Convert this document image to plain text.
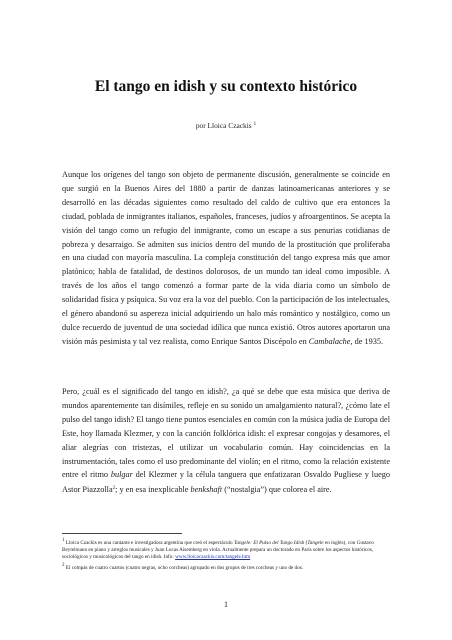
El tango en idish y su contexto histórico
por Lloica Czackis $^1$

Aunque los orígenes del tango son objeto de permanente discusión, generalmente se coincide en que surgió en la Buenos Aires del 1880 a partir de danzas latinoamericanas anteriores y se desarrolló en las décadas siguientes como resultado del caldo de cultivo que era entonces la ciudad, poblada de inmigrantes italianos, españoles, franceses, judíos y afroargentinos. Se acepta la visión del tango como un refugio del inmigrante, como un escape a sus penurias cotidianas de pobreza y desarraigo. Se admiten sus inicios dentro del mundo de la prostitución que proliferaba en una ciudad con mayoría masculina. La compleja constitución del tango expresa más que amor platónico; habla de fatalidad, de destinos dolorosos, de un mundo tan ideal como imposible. A través de los años el tango comenzó a formar parte de la vida diaria como un símbolo de solidaridad física y psíquica. Su voz era la voz del pueblo. Con la participación de los intelectuales, el género abandonó su aspereza inicial adquiriendo un halo más romántico y nostálgico, como un dulce recuerdo de juventud de una sociedad idílica que nunca existió. Otros autores aportaron una visión más pesimista y tal vez realista, como Enrique Santos Discépolo en Cambalache, de 1935.

Pero, ¿cuál es el significado del tango en idish?, ¿a qué se debe que esta música que deriva de mundos aparentemente tan disímiles, refleje en su sonido un amalgamiento natural?, ¿cómo late el pulso del tango idish? El tango tiene puntos esenciales en común con la música judía de Europa del Este, hoy llamada Klezmer, y con la canción folklórica idish: el expresar congojas y desamores, el aliar alegrías con tristezas, el utilizar un vocabulario común. Hay coincidencias en la instrumentación, tales como el uso predominante del violín; en el ritmo, como la relación existente entre el ritmo bulgar del Klezmer y la célula tanguera que enfatizaran Osvaldo Pugliese y luego Astor Piazzolla$^2$; y en esa inexplicable benkshaft (“nostalgia”) que colorea el aire.

$^1$ Lloica Czackis es una cantante e investigadora argentina que creó el espectáculo Tangele: El Pulso del Tango Idish (Tangele en inglés), con Gustavo Beytelmann en piano y arreglos musicales y Juan Lucas Aisemberg en viola. Actualmente prepara un doctorado en París sobre los aspectos históricos, sociológicos y musicológicos del tango en idish. Info: www.lloicaczackis.com/tangele.htm

$^2$ El compás de cuatro cuartos (cuatro negras, ocho corcheas) agrupado en dos grupos de tres corcheas y uno de dos.

1
